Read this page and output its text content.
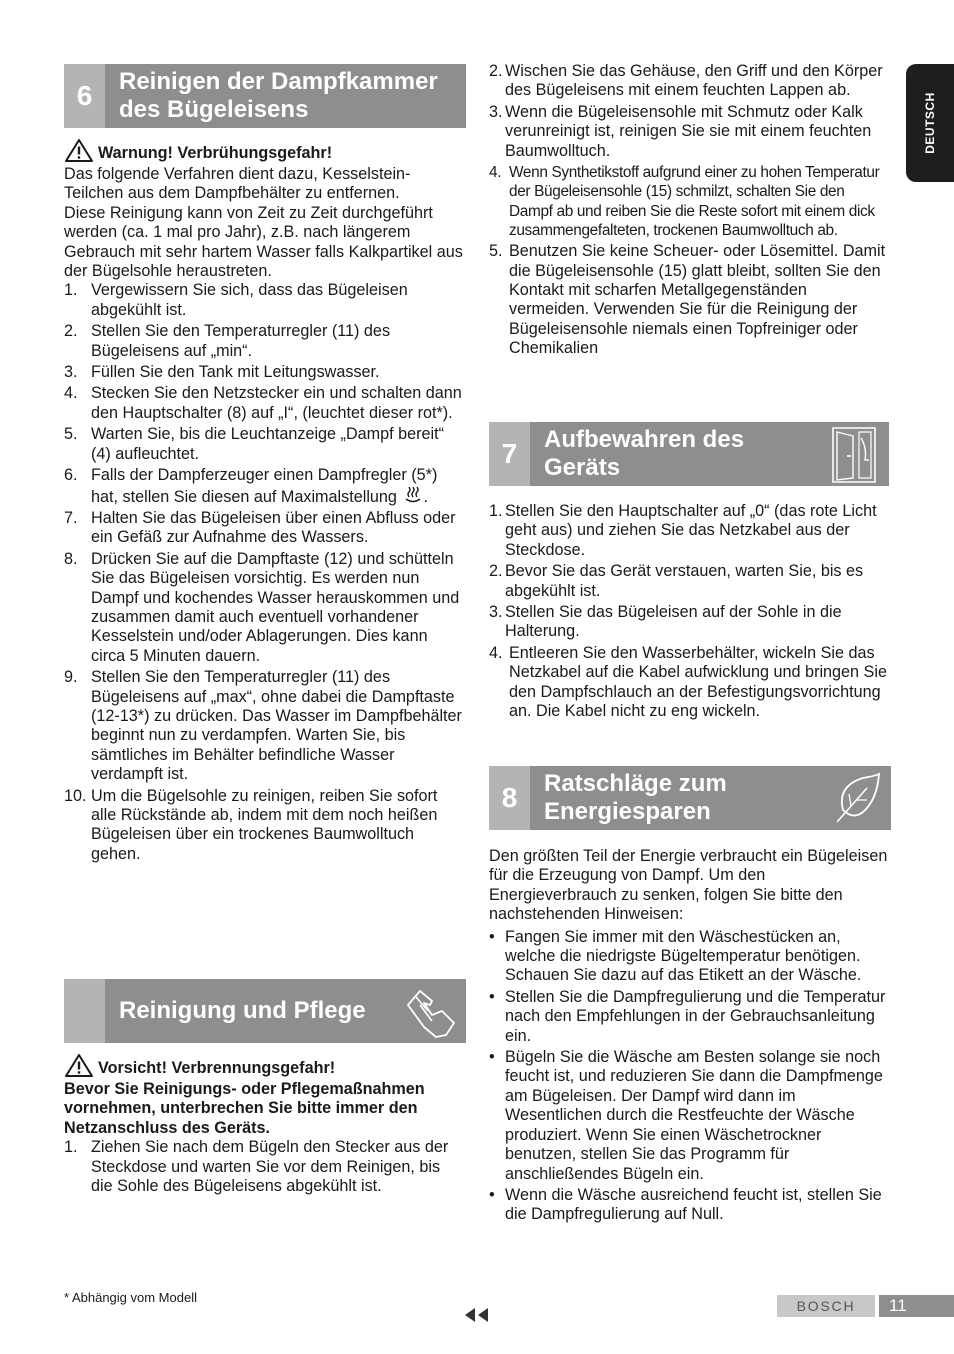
DEUTSCH
6	Reinigen der Dampfkammer
des Bügeleisens
Warnung! Verbrühungsgefahr!

Das folgende Verfahren dient dazu, Kesselstein-Teilchen aus dem Dampfbehälter zu entfernen.

Diese Reinigung kann von Zeit zu Zeit durchgeführt werden (ca. 1 mal pro Jahr), z.B. nach längerem Gebrauch mit sehr hartem Wasser falls Kalkpartikel aus der Bügelsohle heraustreten.

1. Vergewissern Sie sich, dass das Bügeleisen abgekühlt ist.
2. Stellen Sie den Temperaturregler (11) des Bügeleisens auf „min“.
3. Füllen Sie den Tank mit Leitungswasser.
4. Stecken Sie den Netzstecker ein und schalten dann den Hauptschalter (8) auf „I“, (leuchtet dieser rot*).
5. Warten Sie, bis die Leuchtanzeige „Dampf bereit“ (4) aufleuchtet.
6. Falls der Dampferzeuger einen Dampfregler (5*) hat, stellen Sie diesen auf Maximalstellung .
7. Halten Sie das Bügeleisen über einen Abfluss oder ein Gefäß zur Aufnahme des Wassers.
8. Drücken Sie auf die Dampftaste (12) und schütteln Sie das Bügeleisen vorsichtig. Es werden nun Dampf und kochendes Wasser herauskommen und zusammen damit auch eventuell vorhandener Kesselstein und/oder Ablagerungen. Dies kann circa 5 Minuten dauern.
9. Stellen Sie den Temperaturregler (11) des Bügeleisens auf „max“, ohne dabei die Dampftaste (12-13*) zu drücken. Das Wasser im Dampfbehälter beginnt nun zu verdampfen. Warten Sie, bis sämtliches im Behälter befindliche Wasser verdampft ist.
10. Um die Bügelsohle zu reinigen, reiben Sie sofort alle Rückstände ab, indem mit dem noch heißen Bügeleisen über ein trockenes Baumwolltuch gehen.
Reinigung und Pflege
Vorsicht! Verbrennungsgefahr!

Bevor Sie Reinigungs- oder Pflegemaßnahmen vornehmen, unterbrechen Sie bitte immer den Netzanschluss des Geräts.

1. Ziehen Sie nach dem Bügeln den Stecker aus der Steckdose und warten Sie vor dem Reinigen, bis die Sohle des Bügeleisens abgekühlt ist.
2. Wischen Sie das Gehäuse, den Griff und den Körper des Bügeleisens mit einem feuchten Lappen ab.
3. Wenn die Bügeleisensohle mit Schmutz oder Kalk verunreinigt ist, reinigen Sie sie mit einem feuchten Baumwolltuch.
4. Wenn Synthetikstoff aufgrund einer zu hohen Temperatur der Bügeleisensohle (15) schmilzt, schalten Sie den Dampf ab und reiben Sie die Reste sofort mit einem dick zusammengefalteten, trockenen Baumwolltuch ab.
5. Benutzen Sie keine Scheuer- oder Lösemittel. Damit die Bügeleisensohle (15) glatt bleibt, sollten Sie den Kontakt mit scharfen Metallgegenständen vermeiden. Verwenden Sie für die Reinigung der Bügeleisensohle niemals einen Topfreiniger oder Chemikalien
7	Aufbewahren des
Geräts
1. Stellen Sie den Hauptschalter auf „0“ (das rote Licht geht aus) und ziehen Sie das Netzkabel aus der Steckdose.
2. Bevor Sie das Gerät verstauen, warten Sie, bis es abgekühlt ist.
3. Stellen Sie das Bügeleisen auf der Sohle in die Halterung.
4. Entleeren Sie den Wasserbehälter, wickeln Sie das Netzkabel auf die Kabel aufwicklung und bringen Sie den Dampfschlauch an der Befestigungsvorrichtung an. Die Kabel nicht zu eng wickeln.
8	Ratschläge zum
Energiesparen

Den größten Teil der Energie verbraucht ein Bügeleisen für die Erzeugung von Dampf. Um den Energieverbrauch zu senken, folgen Sie bitte den nachstehenden Hinweisen:

• Fangen Sie immer mit den Wäschestücken an, welche die niedrigste Bügeltemperatur benötigen. Schauen Sie dazu auf das Etikett an der Wäsche.
• Stellen Sie die Dampfregulierung und die Temperatur nach den Empfehlungen in der Gebrauchsanleitung ein.
• Bügeln Sie die Wäsche am Besten solange sie noch feucht ist, und reduzieren Sie dann die Dampfmenge am Bügeleisen. Der Dampf wird dann im Wesentlichen durch die Restfeuchte der Wäsche produziert. Wenn Sie einen Wäschetrockner benutzen, stellen Sie das Programm für anschließendes Bügeln ein.
• Wenn die Wäsche ausreichend feucht ist, stellen Sie die Dampfregulierung auf Null.
* Abhängig vom Modell
BOSCH	11
